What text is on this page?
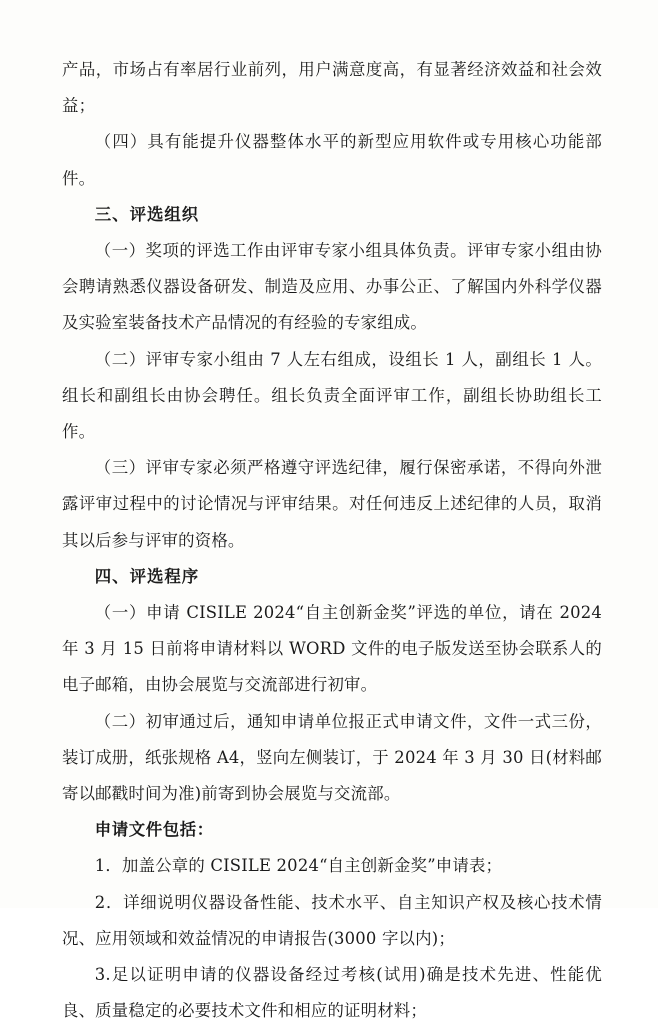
产品，市场占有率居行业前列，用户满意度高，有显著经济效益和社会效益；

（四）具有能提升仪器整体水平的新型应用软件或专用核心功能部件。

三、评选组织

（一）奖项的评选工作由评审专家小组具体负责。评审专家小组由协会聘请熟悉仪器设备研发、制造及应用、办事公正、了解国内外科学仪器及实验室装备技术产品情况的有经验的专家组成。

（二）评审专家小组由 7 人左右组成，设组长 1 人，副组长 1 人。组长和副组长由协会聘任。组长负责全面评审工作，副组长协助组长工作。

（三）评审专家必须严格遵守评选纪律，履行保密承诺，不得向外泄露评审过程中的讨论情况与评审结果。对任何违反上述纪律的人员，取消其以后参与评审的资格。

四、评选程序

（一）申请 CISILE 2024“自主创新金奖”评选的单位，请在 2024 年 3 月 15 日前将申请材料以 WORD 文件的电子版发送至协会联系人的电子邮箱，由协会展览与交流部进行初审。

（二）初审通过后，通知申请单位报正式申请文件，文件一式三份，装订成册，纸张规格 A4，竖向左侧装订，于 2024 年 3 月 30 日(材料邮寄以邮戳时间为准)前寄到协会展览与交流部。

申请文件包括：

1．加盖公章的 CISILE 2024“自主创新金奖”申请表；

2．详细说明仪器设备性能、技术水平、自主知识产权及核心技术情况、应用领域和效益情况的申请报告(3000 字以内)；

3.足以证明申请的仪器设备经过考核(试用)确是技术先进、性能优良、质量稳定的必要技术文件和相应的证明材料；
